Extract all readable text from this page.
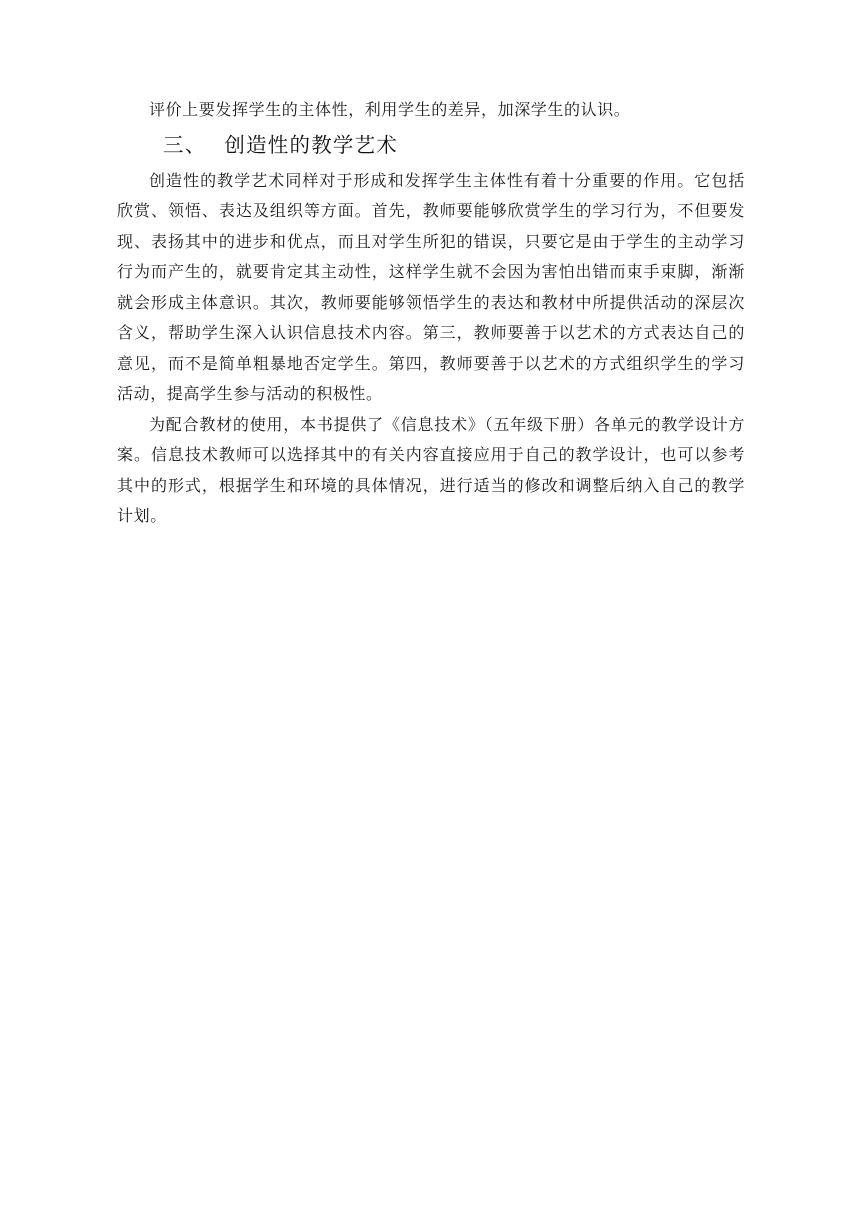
评价上要发挥学生的主体性，利用学生的差异，加深学生的认识。

三、 创造性的教学艺术

创造性的教学艺术同样对于形成和发挥学生主体性有着十分重要的作用。它包括欣赏、领悟、表达及组织等方面。首先，教师要能够欣赏学生的学习行为，不但要发现、表扬其中的进步和优点，而且对学生所犯的错误，只要它是由于学生的主动学习行为而产生的，就要肯定其主动性，这样学生就不会因为害怕出错而束手束脚，渐渐就会形成主体意识。其次，教师要能够领悟学生的表达和教材中所提供活动的深层次含义，帮助学生深入认识信息技术内容。第三，教师要善于以艺术的方式表达自己的意见，而不是简单粗暴地否定学生。第四，教师要善于以艺术的方式组织学生的学习活动，提高学生参与活动的积极性。

为配合教材的使用，本书提供了《信息技术》（五年级下册）各单元的教学设计方案。信息技术教师可以选择其中的有关内容直接应用于自己的教学设计，也可以参考其中的形式，根据学生和环境的具体情况，进行适当的修改和调整后纳入自己的教学计划。
